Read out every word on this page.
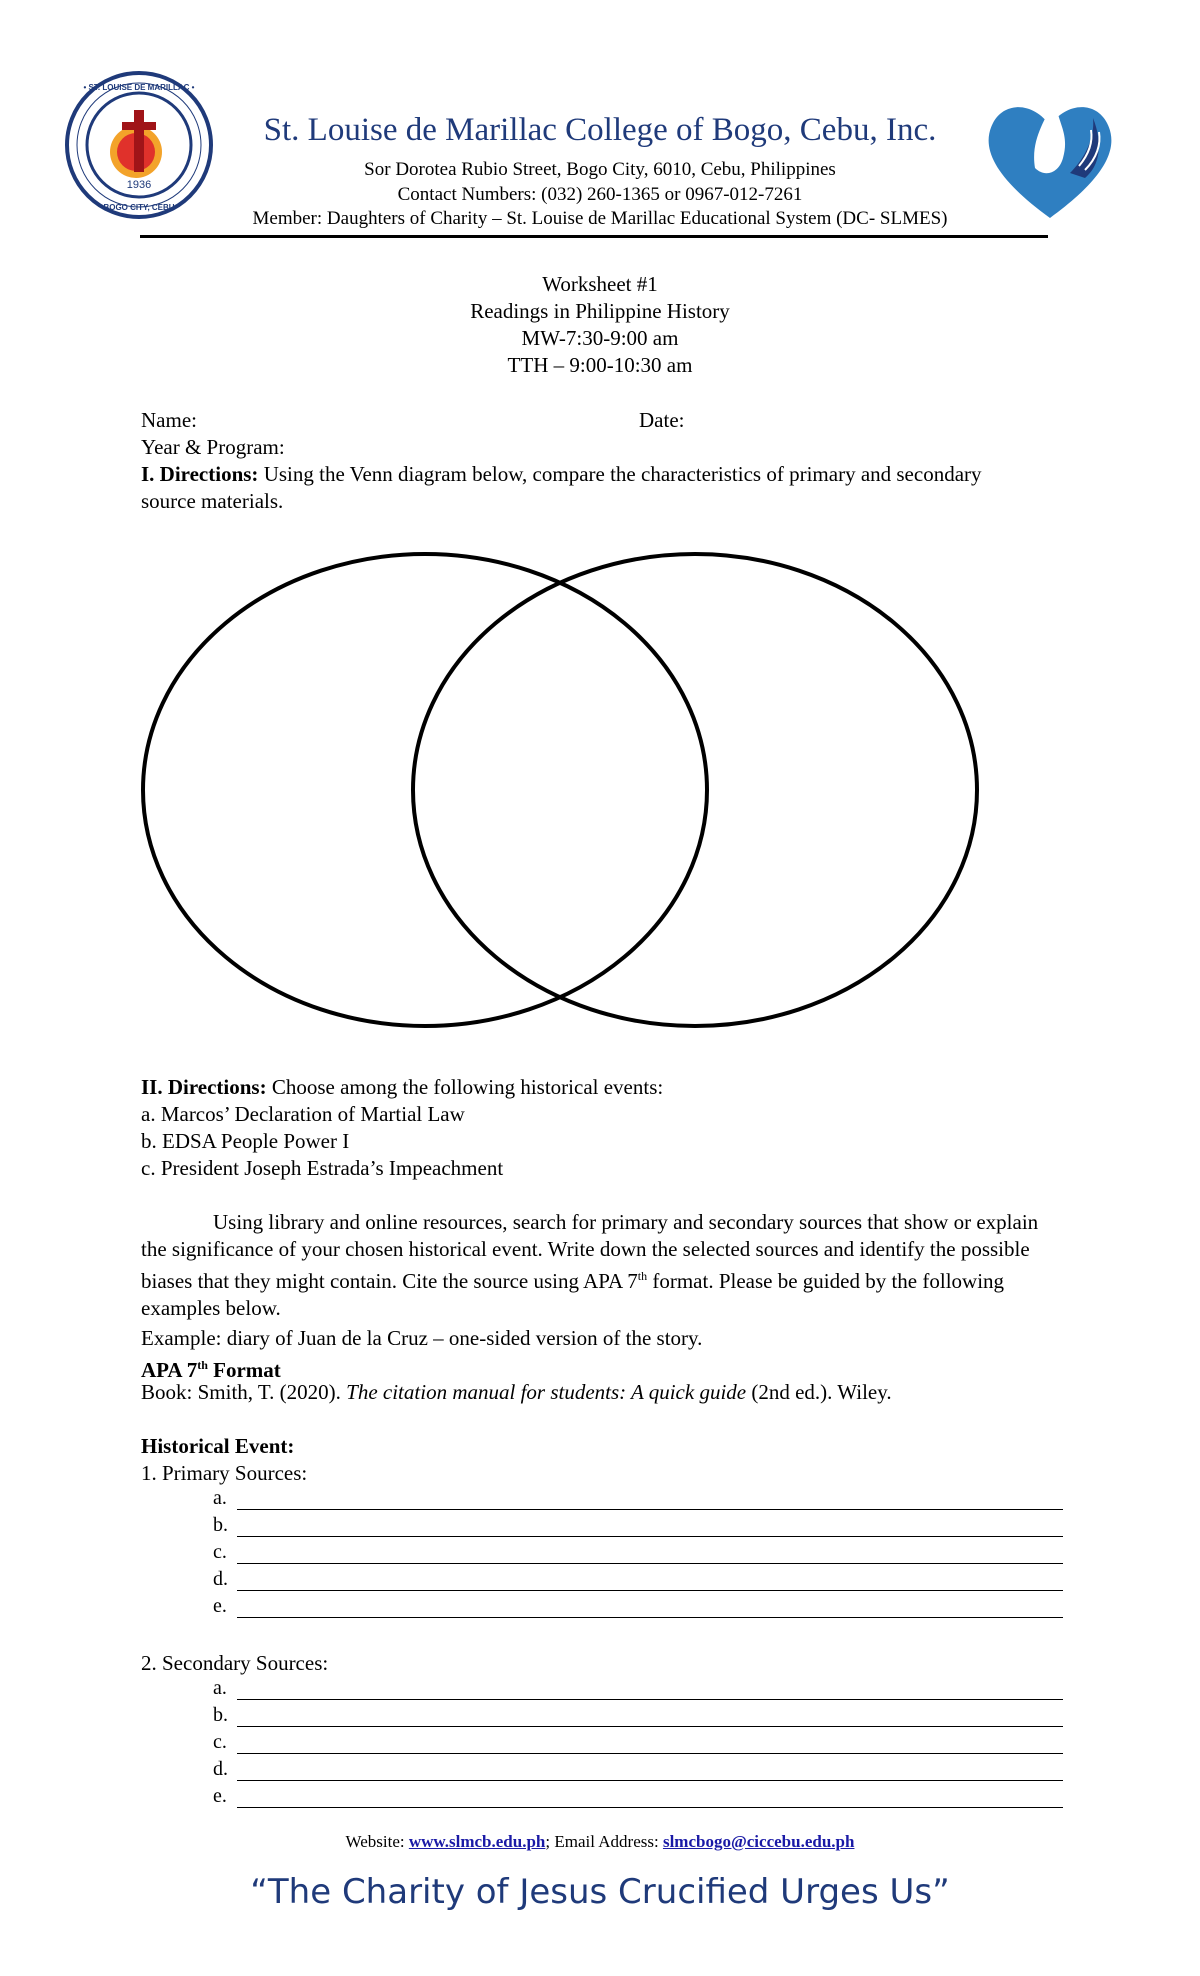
1936
• ST. LOUISE DE MARILLAC •
BOGO CITY, CEBU
St. Louise de Marillac College of Bogo, Cebu, Inc.
Sor Dorotea Rubio Street, Bogo City, 6010, Cebu, Philippines
Contact Numbers: (032) 260-1365 or 0967-012-7261
Member: Daughters of Charity – St. Louise de Marillac Educational System (DC- SLMES)
Worksheet #1
Readings in Philippine History
MW-7:30-9:00 am
TTH – 9:00-10:30 am
Name:	Date:
Year & Program:
I. Directions: Using the Venn diagram below, compare the characteristics of primary and secondary source materials.
II. Directions: Choose among the following historical events:
a. Marcos’ Declaration of Martial Law
b. EDSA People Power I
c. President Joseph Estrada’s Impeachment
Using library and online resources, search for primary and secondary sources that show or explain the significance of your chosen historical event. Write down the selected sources and identify the possible biases that they might contain. Cite the source using APA 7th format. Please be guided by the following examples below.
Example: diary of Juan de la Cruz – one-sided version of the story.
APA 7th Format
Book: Smith, T. (2020). The citation manual for students: A quick guide (2nd ed.). Wiley.
Historical Event:
1. Primary Sources:
a.
b.
c.
d.
e.
2. Secondary Sources:
a.
b.
c.
d.
e.
Website: www.slmcb.edu.ph; Email Address: slmcbogo@ciccebu.edu.ph
“The Charity of Jesus Crucified Urges Us”
